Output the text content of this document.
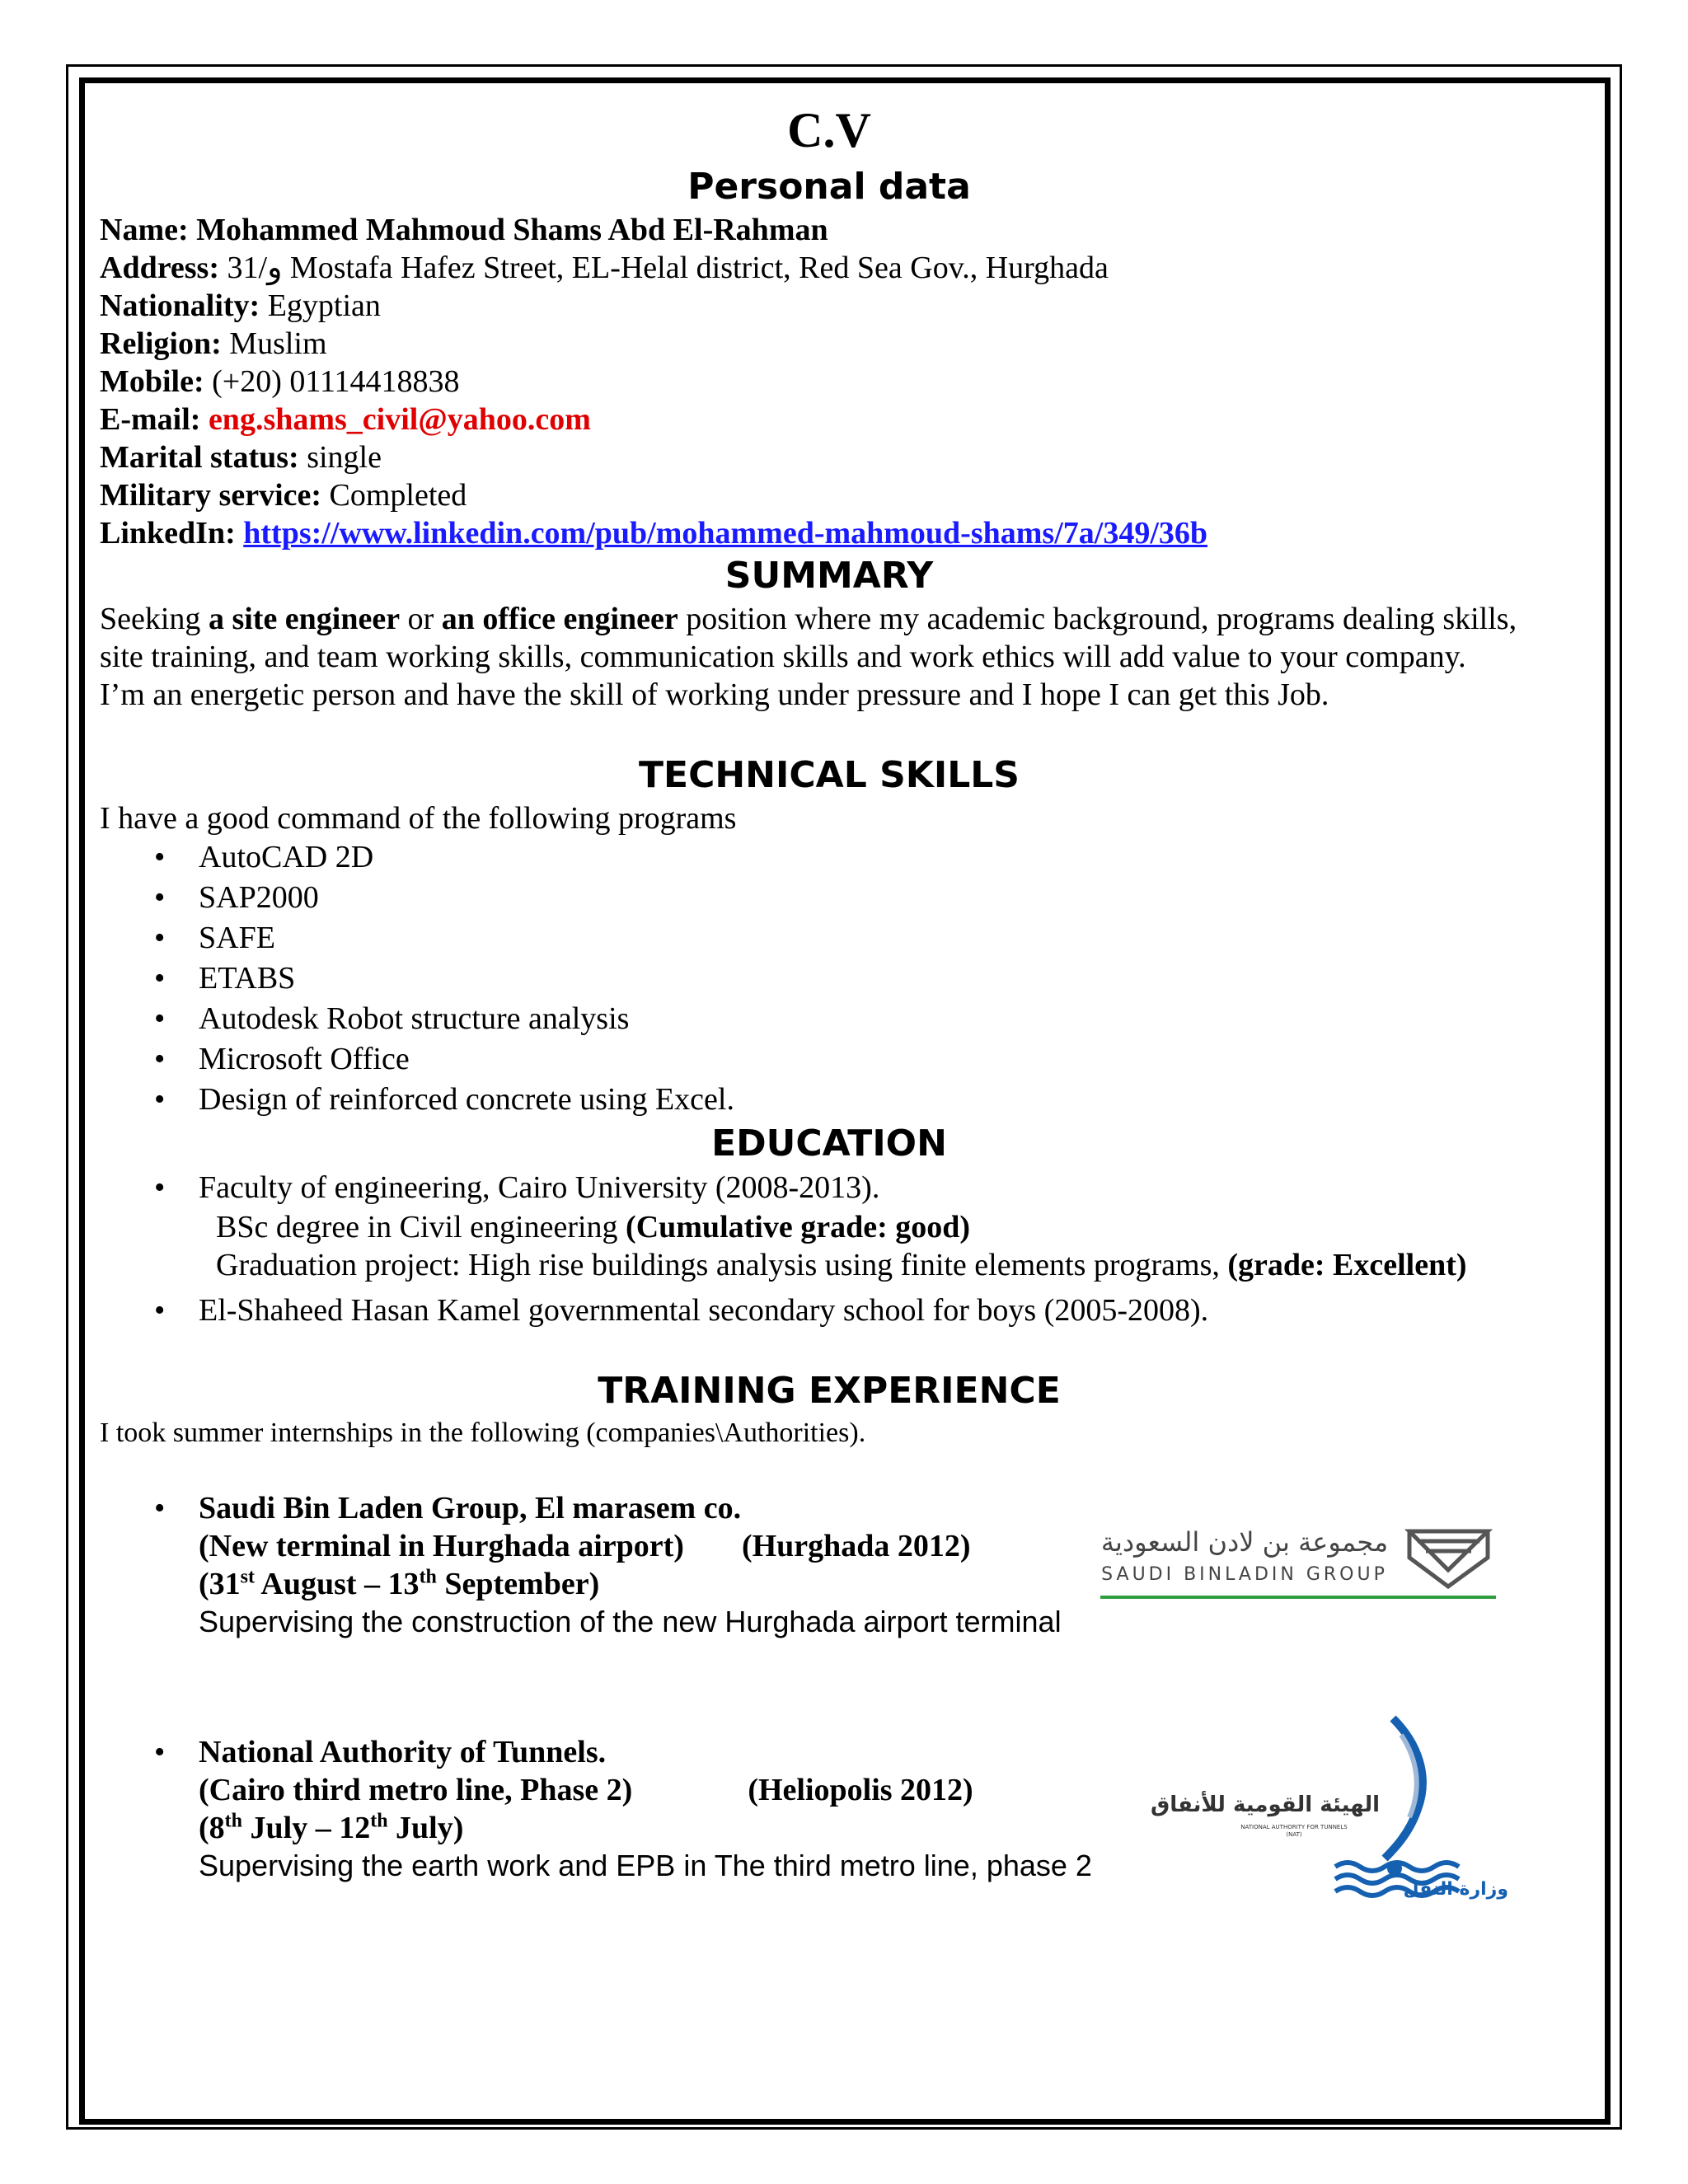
C.V
Personal data

Name: Mohammed Mahmoud Shams Abd El-Rahman

Address: 31/و Mostafa Hafez Street, EL-Helal district, Red Sea Gov., Hurghada

Nationality: Egyptian

Religion: Muslim

Mobile: (+20) 01114418838

E-mail: eng.shams_civil@yahoo.com

Marital status: single

Military service: Completed

LinkedIn: https://www.linkedin.com/pub/mohammed-mahmoud-shams/7a/349/36b

SUMMARY

Seeking a site engineer or an office engineer position where my academic background, programs dealing skills, site training, and team working skills, communication skills and work ethics will add value to your company.

I’m an energetic person and have the skill of working under pressure and I hope I can get this Job.

TECHNICAL SKILLS

I have a good command of the following programs

• AutoCAD 2D
• SAP2000
• SAFE
• ETABS
• Autodesk Robot structure analysis
• Microsoft Office
• Design of reinforced concrete using Excel.
EDUCATION
• Faculty of engineering, Cairo University (2008-2013).
BSc degree in Civil engineering (Cumulative grade: good)
Graduation project: High rise buildings analysis using finite elements programs, (grade: Excellent)
• El-Shaheed Hasan Kamel governmental secondary school for boys (2005-2008).
TRAINING EXPERIENCE

I took summer internships in the following (companies\Authorities).

• Saudi Bin Laden Group, El marasem co.
(New terminal in Hurghada airport) (Hurghada 2012)
(31st August – 13th September)
Supervising the construction of the new Hurghada airport terminal
• National Authority of Tunnels.
(Cairo third metro line, Phase 2)	(Heliopolis 2012)
(8th July – 12th July)
Supervising the earth work and EPB in The third metro line, phase 2
مجموعة بن لادن السعودية
SAUDI BINLADIN GROUP
الهيئة القومية للأنفاق
NATIONAL AUTHORITY FOR TUNNELS
(NAT)
وزارة النقل
